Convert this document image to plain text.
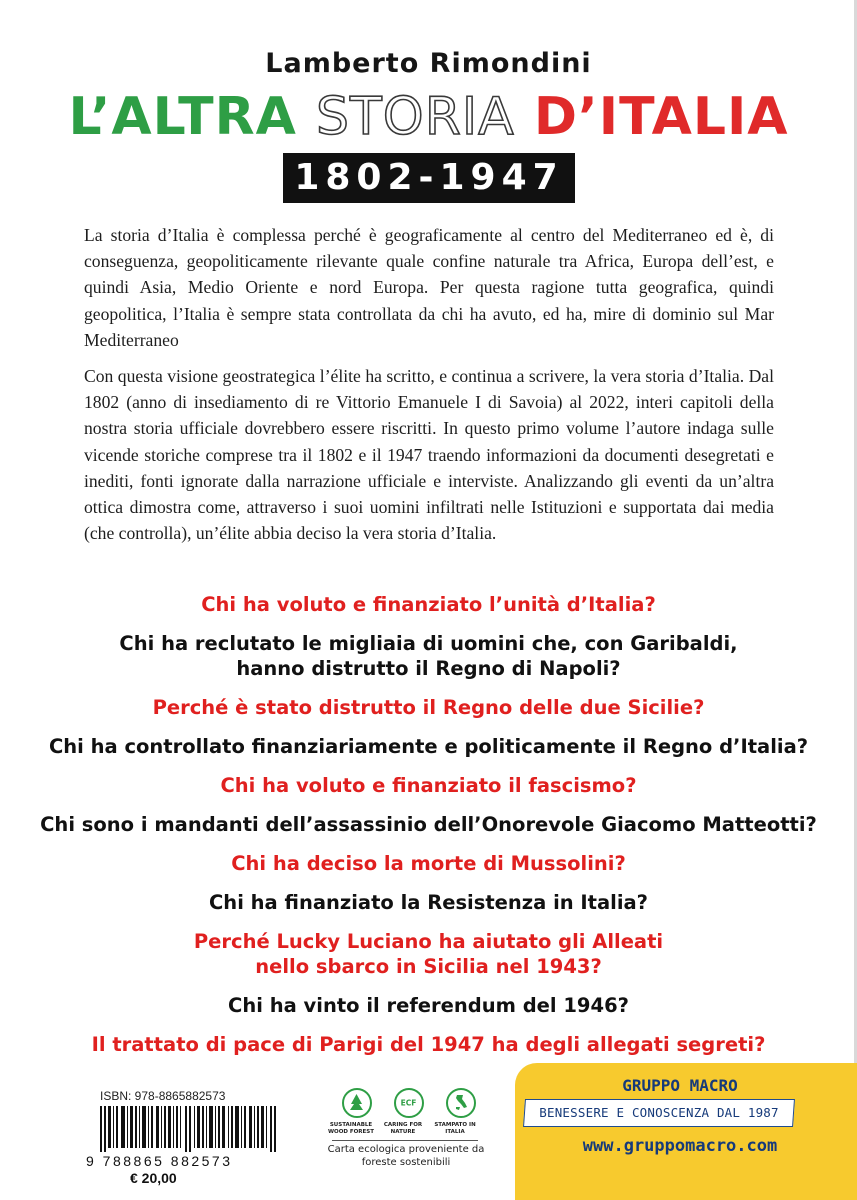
Lamberto Rimondini
L’ALTRA STORIA D’ITALIA
1802-1947

La storia d’Italia è complessa perché è geograficamente al centro del Mediterraneo ed è, di conseguenza, geopoliticamente rilevante quale confine naturale tra Africa, Europa dell’est, e quindi Asia, Medio Oriente e nord Europa. Per questa ragione tutta geografica, quindi geopolitica, l’Italia è sempre stata controllata da chi ha avuto, ed ha, mire di dominio sul Mar Mediterraneo

Con questa visione geostrategica l’élite ha scritto, e continua a scrivere, la vera storia d’Italia. Dal 1802 (anno di insediamento di re Vittorio Emanuele I di Savoia) al 2022, interi capitoli della nostra storia ufficiale dovrebbero essere riscritti. In questo primo volume l’autore indaga sulle vicende storiche comprese tra il 1802 e il 1947 traendo informazioni da documenti desegretati e inediti, fonti ignorate dalla narrazione ufficiale e interviste. Analizzando gli eventi da un’altra ottica dimostra come, attraverso i suoi uomini infiltrati nelle Istituzioni e supportata dai media (che controlla), un’élite abbia deciso la vera storia d’Italia.

Chi ha voluto e finanziato l’unità d’Italia?
Chi ha reclutato le migliaia di uomini che, con Garibaldi,
hanno distrutto il Regno di Napoli?
Perché è stato distrutto il Regno delle due Sicilie?
Chi ha controllato finanziariamente e politicamente il Regno d’Italia?
Chi ha voluto e finanziato il fascismo?
Chi sono i mandanti dell’assassinio dell’Onorevole Giacomo Matteotti?
Chi ha deciso la morte di Mussolini?
Chi ha finanziato la Resistenza in Italia?
Perché Lucky Luciano ha aiutato gli Alleati
nello sbarco in Sicilia nel 1943?
Chi ha vinto il referendum del 1946?
Il trattato di pace di Parigi del 1947 ha degli allegati segreti?
ISBN: 978-8865882573
9 788865 882573
€ 20,00
ECF
SUSTAINABLE WOOD FOREST
CARING FOR NATURE
STAMPATO IN ITALIA
Carta ecologica proveniente da foreste sostenibili
GRUPPO MACRO
BENESSERE E CONOSCENZA DAL 1987
www.gruppomacro.com
